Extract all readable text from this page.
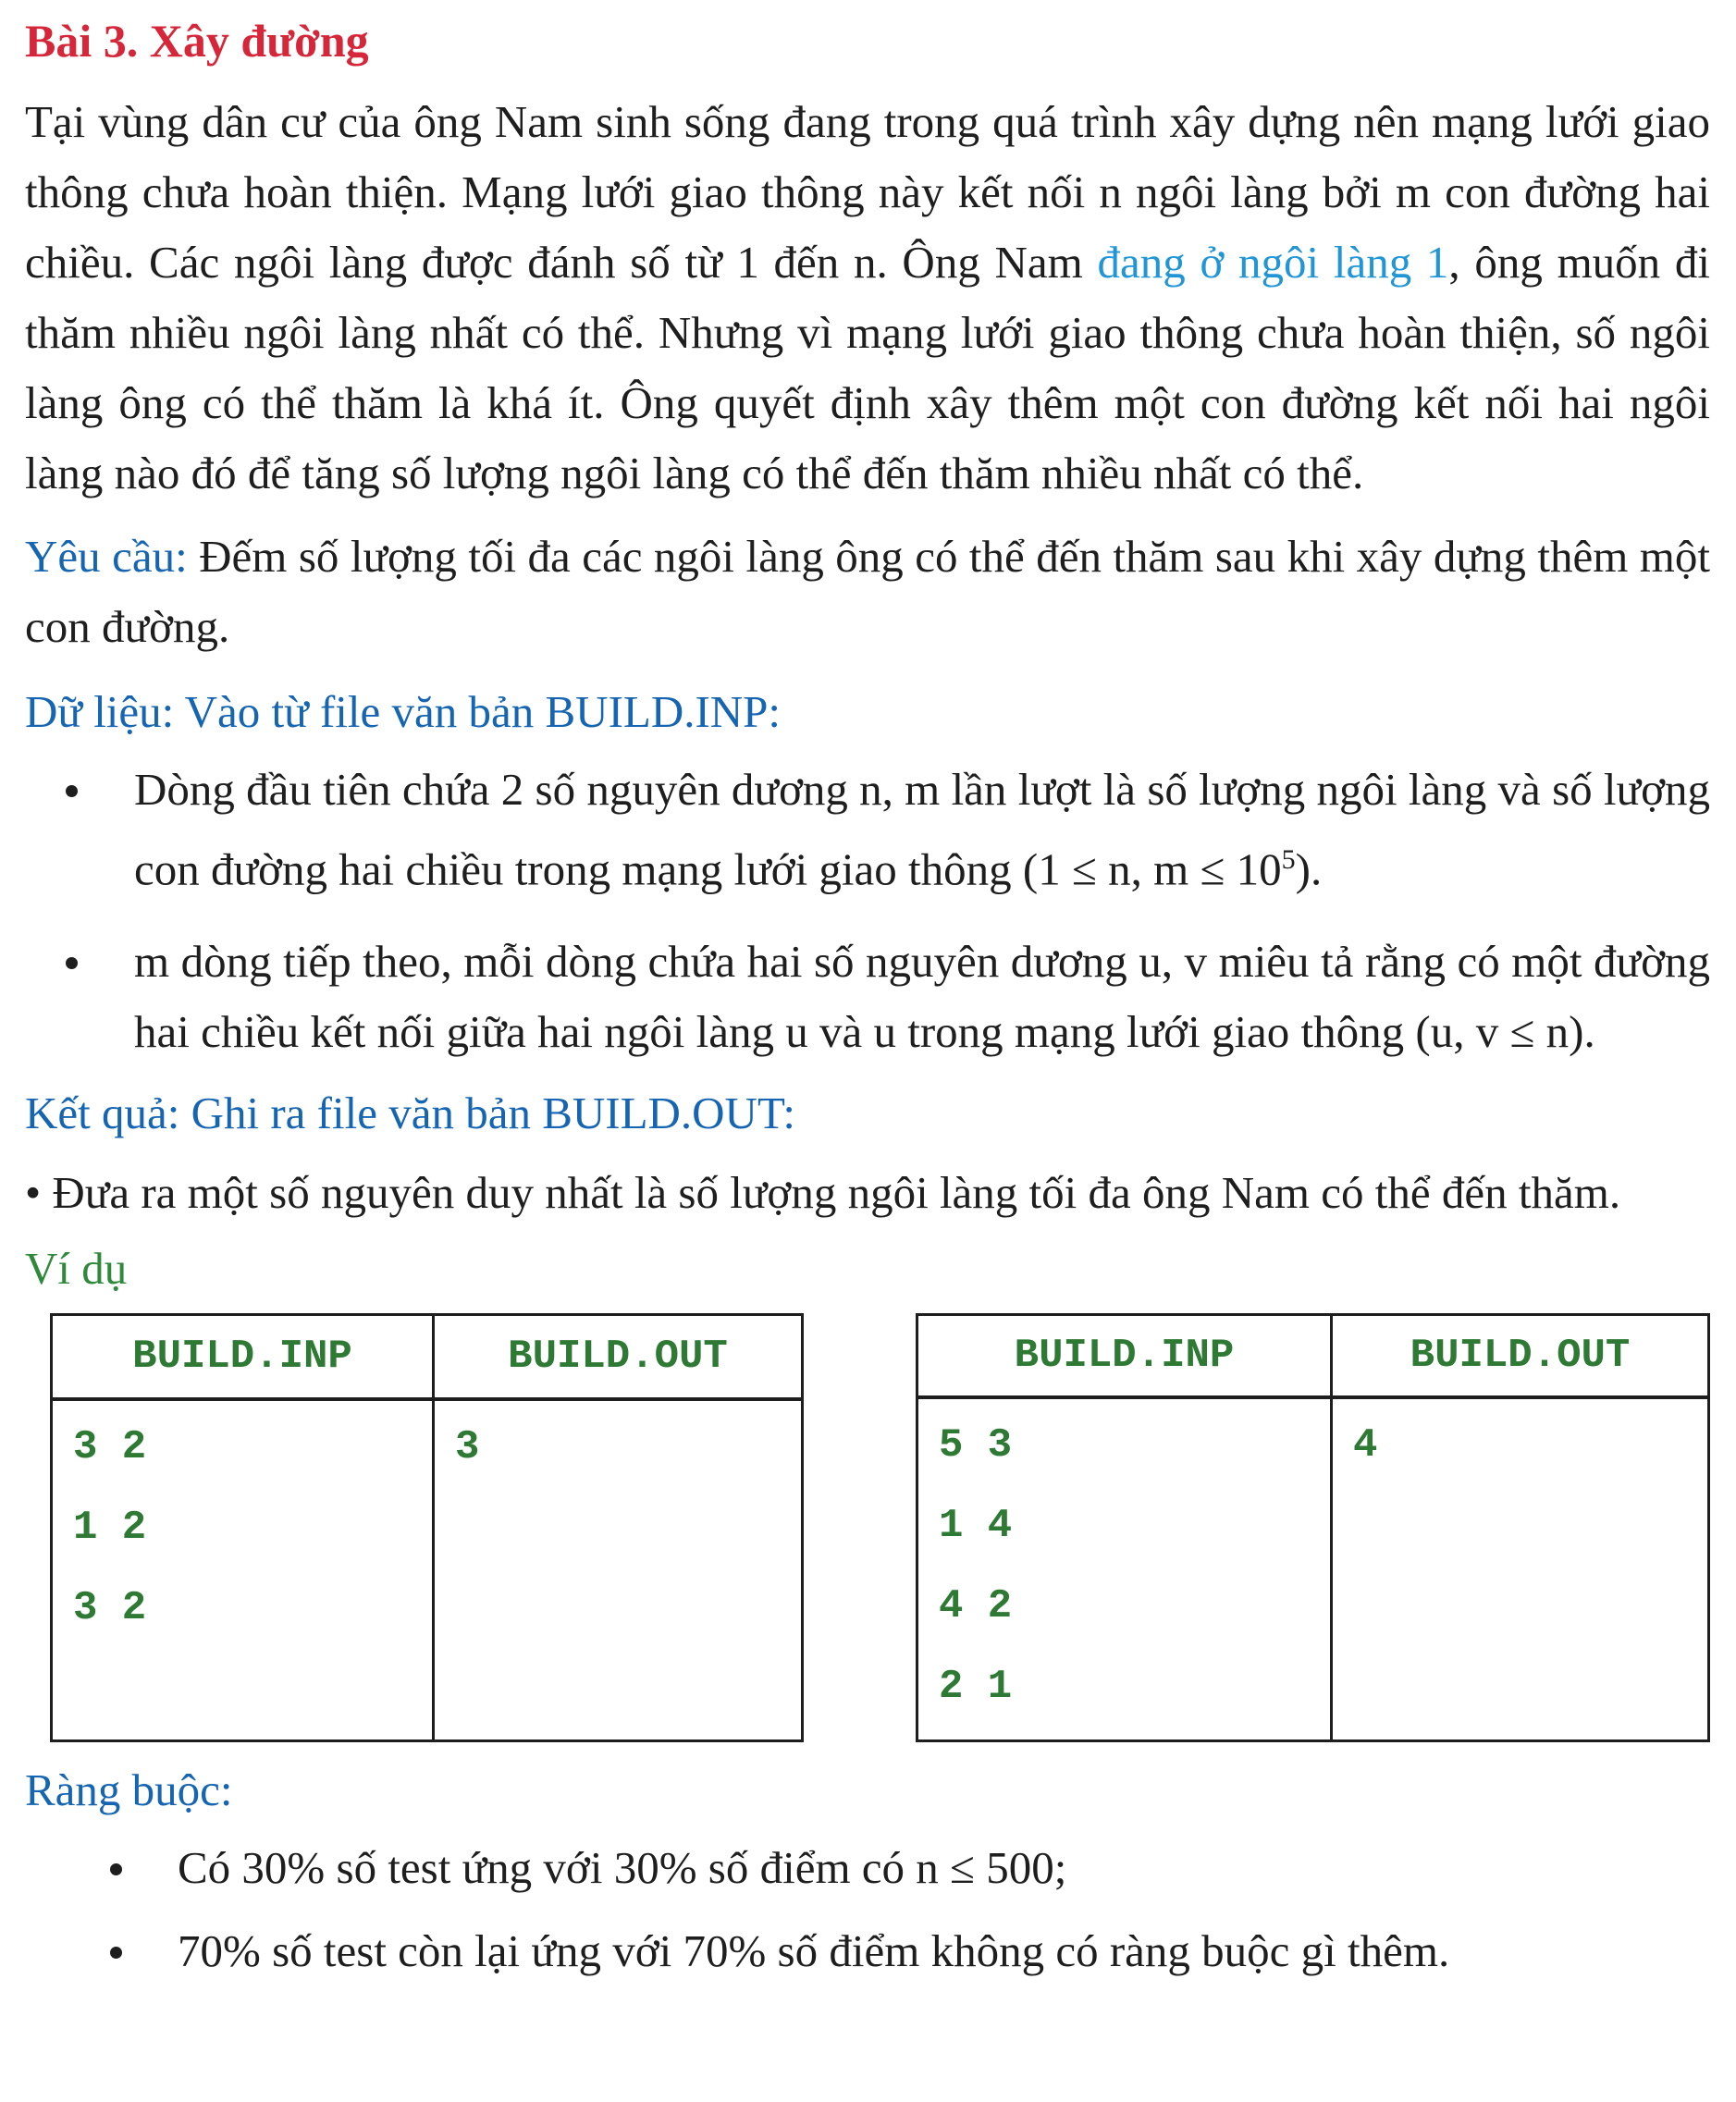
Bài 3. Xây đường

Tại vùng dân cư của ông Nam sinh sống đang trong quá trình xây dựng nên mạng lưới giao thông chưa hoàn thiện. Mạng lưới giao thông này kết nối n ngôi làng bởi m con đường hai chiều. Các ngôi làng được đánh số từ 1 đến n. Ông Nam đang ở ngôi làng 1, ông muốn đi thăm nhiều ngôi làng nhất có thể. Nhưng vì mạng lưới giao thông chưa hoàn thiện, số ngôi làng ông có thể thăm là khá ít. Ông quyết định xây thêm một con đường kết nối hai ngôi làng nào đó để tăng số lượng ngôi làng có thể đến thăm nhiều nhất có thể.

Yêu cầu: Đếm số lượng tối đa các ngôi làng ông có thể đến thăm sau khi xây dựng thêm một con đường.

Dữ liệu: Vào từ file văn bản BUILD.INP:

Dòng đầu tiên chứa 2 số nguyên dương n, m lần lượt là số lượng ngôi làng và số lượng con đường hai chiều trong mạng lưới giao thông (1 ≤ n, $m \le 10^5$).
m dòng tiếp theo, mỗi dòng chứa hai số nguyên dương u, v miêu tả rằng có một đường hai chiều kết nối giữa hai ngôi làng u và u trong mạng lưới giao thông (u, v ≤ n).

Kết quả: Ghi ra file văn bản BUILD.OUT:

• Đưa ra một số nguyên duy nhất là số lượng ngôi làng tối đa ông Nam có thể đến thăm.

Ví dụ

BUILD.INP	BUILD.OUT

3 2
1 2
3 2	3
BUILD.INP	BUILD.OUT

5 3
1 4
4 2
2 1	4

Ràng buộc:

Có 30% số test ứng với 30% số điểm có n ≤ 500;
70% số test còn lại ứng với 70% số điểm không có ràng buộc gì thêm.
